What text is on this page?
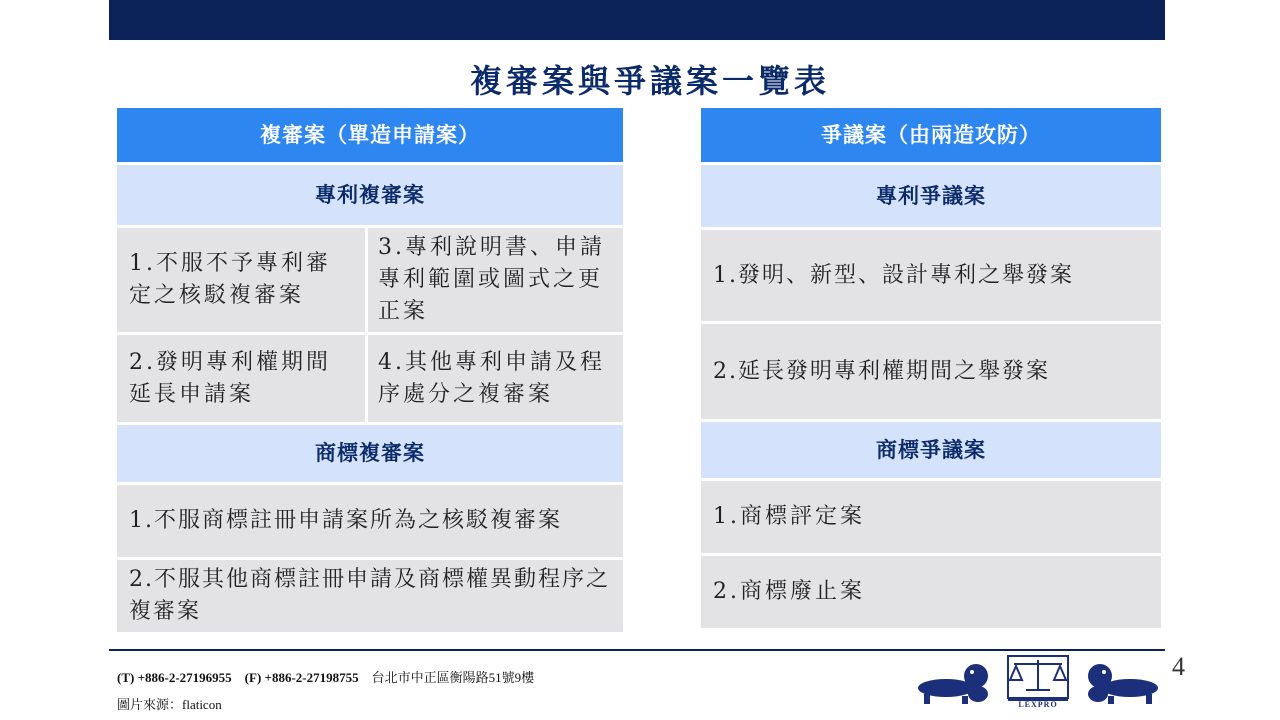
複審案與爭議案一覽表
複審案（單造申請案）
專利複審案
1.不服不予專利審定之核駁複審案
3.專利說明書、申請專利範圍或圖式之更正案
2.發明專利權期間延長申請案
4.其他專利申請及程序處分之複審案
商標複審案
1.不服商標註冊申請案所為之核駁複審案
2.不服其他商標註冊申請及商標權異動程序之複審案
爭議案（由兩造攻防）
專利爭議案
1.發明、新型、設計專利之舉發案
2.延長發明專利權期間之舉發案
商標爭議案
1.商標評定案
2.商標廢止案
(T) +886-2-27196955 (F) +886-2-27198755 台北市中正區衡陽路51號9樓
圖片來源：flaticon	LEXPRO
4
